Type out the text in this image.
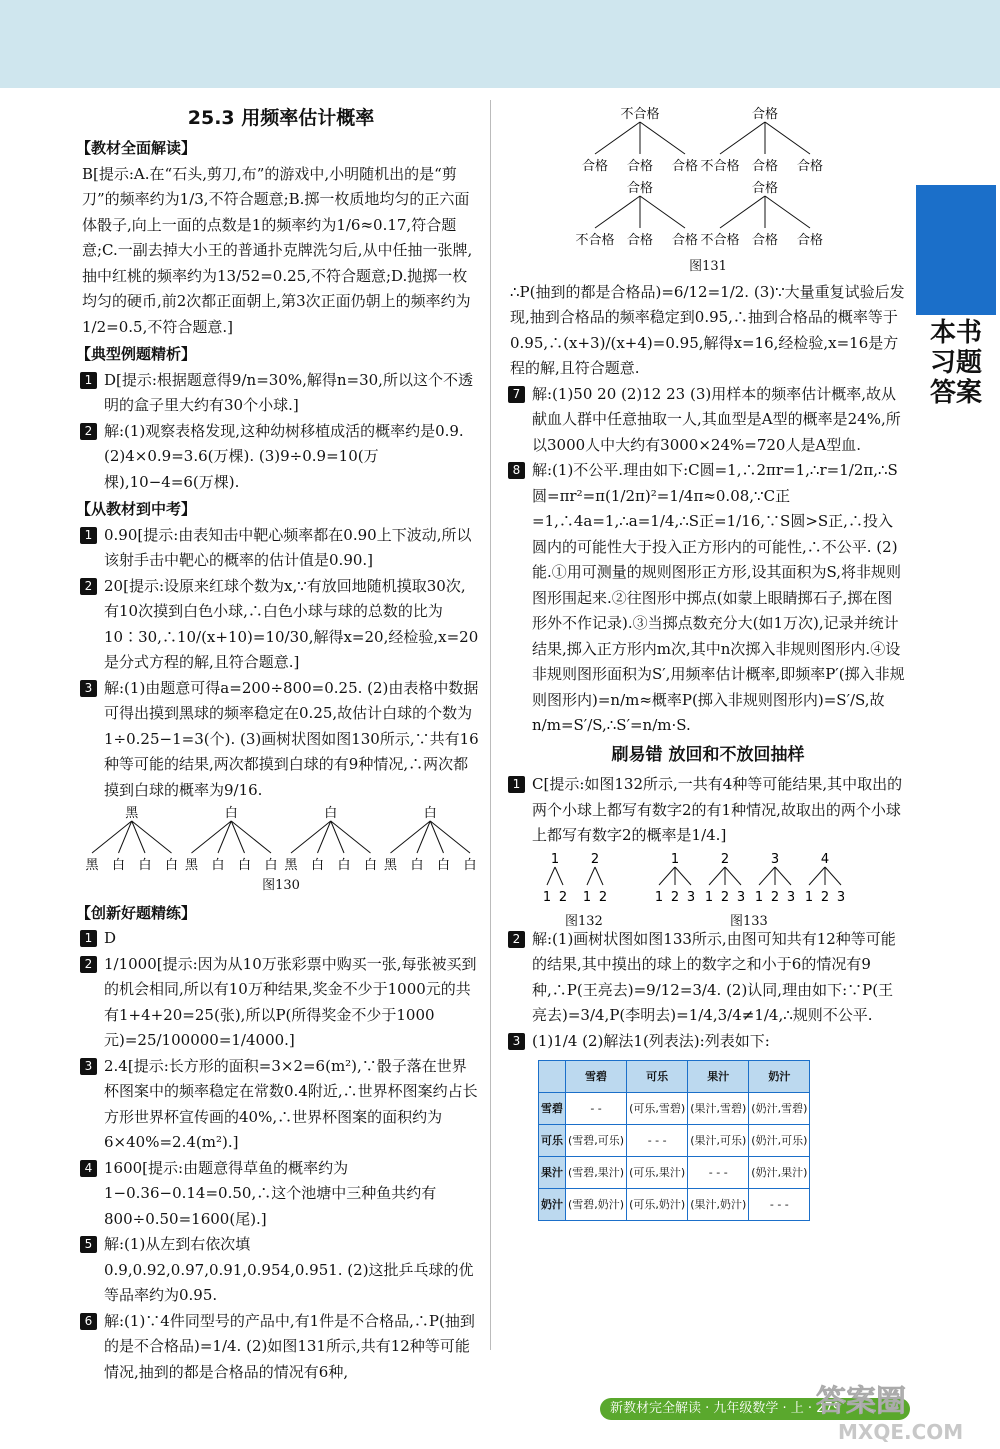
本书习题答案
25.3 用频率估计概率
【教材全面解读】

B[提示:A.在“石头,剪刀,布”的游戏中,小明随机出的是“剪刀”的频率约为1/3,不符合题意;B.掷一枚质地均匀的正六面体骰子,向上一面的点数是1的频率约为1/6≈0.17,符合题意;C.一副去掉大小王的普通扑克牌洗匀后,从中任抽一张牌,抽中红桃的频率约为13/52=0.25,不符合题意;D.抛掷一枚均匀的硬币,前2次都正面朝上,第3次正面仍朝上的频率约为1/2=0.5,不符合题意.]

【典型例题精析】

1 D[提示:根据题意得9/n=30%,解得n=30,所以这个不透明的盒子里大约有30个小球.]

2 解:(1)观察表格发现,这种幼树移植成活的概率约是0.9. (2)4×0.9=3.6(万棵). (3)9÷0.9=10(万棵),10−4=6(万棵).

【从教材到中考】

1 0.90[提示:由表知击中靶心频率都在0.90上下波动,所以该射手击中靶心的概率的估计值是0.90.]

2 20[提示:设原来红球个数为x,∵有放回地随机摸取30次,有10次摸到白色小球,∴白色小球与球的总数的比为10∶30,∴10/(x+10)=10/30,解得x=20,经检验,x=20是分式方程的解,且符合题意.]

3 解:(1)由题意可得a=200÷800=0.25. (2)由表格中数据可得出摸到黑球的频率稳定在0.25,故估计白球的个数为1÷0.25−1=3(个). (3)画树状图如图130所示,∵共有16种等可能的结果,两次都摸到白球的有9种情况,∴两次都摸到白球的概率为9/16.

黑
黑 白 白 白
白
黑 白 白 白
白
黑 白 白 白
白
黑 白 白 白
图130
【创新好题精练】

1 D

2 1/1000[提示:因为从10万张彩票中购买一张,每张被买到的机会相同,所以有10万种结果,奖金不少于1000元的共有1+4+20=25(张),所以P(所得奖金不少于1000元)=25/100000=1/4000.]

3 2.4[提示:长方形的面积=3×2=6(m²),∵骰子落在世界杯图案中的频率稳定在常数0.4附近,∴世界杯图案约占长方形世界杯宣传画的40%,∴世界杯图案的面积约为6×40%=2.4(m²).]

4 1600[提示:由题意得草鱼的概率约为1−0.36−0.14=0.50,∴这个池塘中三种鱼共约有800÷0.50=1600(尾).]

5 解:(1)从左到右依次填0.9,0.92,0.97,0.91,0.954,0.951. (2)这批乒乓球的优等品率约为0.95.

6 解:(1)∵4件同型号的产品中,有1件是不合格品,∴P(抽到的是不合格品)=1/4. (2)如图131所示,共有12种等可能情况,抽到的都是合格品的情况有6种,

不合格
合格 合格 合格
合格
不合格 合格 合格
合格
不合格 合格 合格
合格
不合格 合格 合格
图131

∴P(抽到的都是合格品)=6/12=1/2. (3)∵大量重复试验后发现,抽到合格品的频率稳定到0.95,∴抽到合格品的概率等于0.95,∴(x+3)/(x+4)=0.95,解得x=16,经检验,x=16是方程的解,且符合题意.

7 解:(1)50 20 (2)12 23 (3)用样本的频率估计概率,故从献血人群中任意抽取一人,其血型是A型的概率是24%,所以3000人中大约有3000×24%=720人是A型血.

8 解:(1)不公平.理由如下:C圆=1,∴2πr=1,∴r=1/2π,∴S圆=πr²=π(1/2π)²=1/4π≈0.08,∵C正=1,∴4a=1,∴a=1/4,∴S正=1/16,∵S圆>S正,∴投入圆内的可能性大于投入正方形内的可能性,∴不公平. (2)能.①用可测量的规则图形正方形,设其面积为S,将非规则图形围起来.②往图形中掷点(如蒙上眼睛掷石子,掷在图形外不作记录).③当掷点数充分大(如1万次),记录并统计结果,掷入正方形内m次,其中n次掷入非规则图形内.④设非规则图形面积为S′,用频率估计概率,即频率P′(掷入非规则图形内)=n/m≈概率P(掷入非规则图形内)=S′/S,故n/m=S′/S,∴S′=n/m·S.

刷易错 放回和不放回抽样

1 C[提示:如图132所示,一共有4种等可能结果,其中取出的两个小球上都写有数字2的有1种情况,故取出的两个小球上都写有数字2的概率是1/4.]

1
1 2
2
1 2
1
1 2 3
2
1 2 3
3
1 2 3
4
1 2 3
图132	图133

2 解:(1)画树状图如图133所示,由图可知共有12种等可能的结果,其中摸出的球上的数字之和小于6的情况有9种,∴P(王亮去)=9/12=3/4. (2)认同,理由如下:∵P(王亮去)=3/4,P(李明去)=1/4,3/4≠1/4,∴规则不公平.

3 (1)1/4 (2)解法1(列表法):列表如下:

	雪碧	可乐	果汁	奶汁
雪碧	- -	(可乐,雪碧)	(果汁,雪碧)	(奶汁,雪碧)
可乐	(雪碧,可乐)	- - -	(果汁,可乐)	(奶汁,可乐)
果汁	(雪碧,果汁)	(可乐,果汁)	- - -	(奶汁,果汁)
奶汁	(雪碧,奶汁)	(可乐,奶汁)	(果汁,奶汁)	- - -
新教材完全解读 · 九年级数学 · 上 · 279
答案圈
MXQE.COM
